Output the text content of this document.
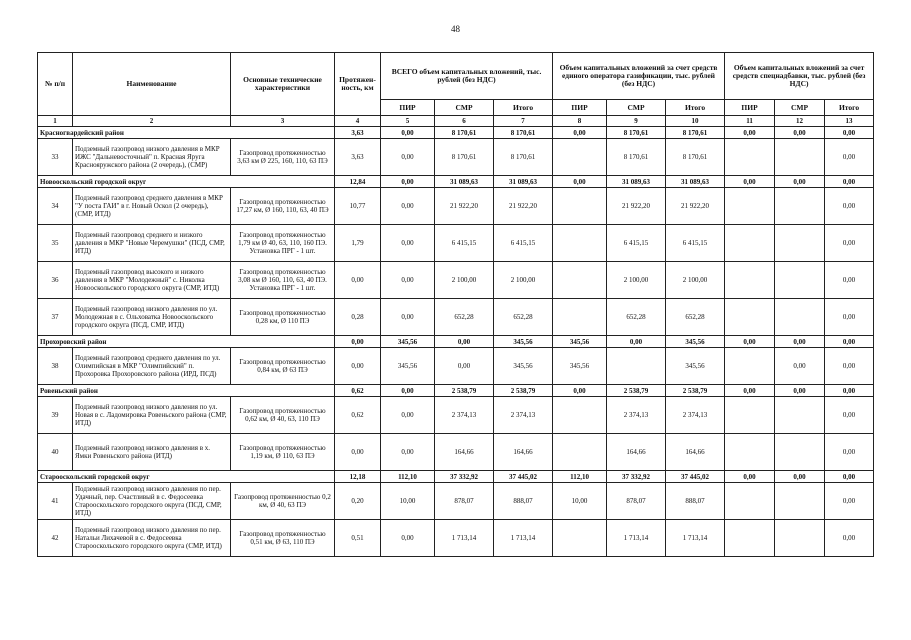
48
№ п/п	Наименование	Основные технические характеристики	Протяжен-ность, км	ВСЕГО объем капитальных вложений, тыс. рублей (без НДС)			Объем капитальных вложений за счет средств единого оператора газификации, тыс. рублей (без НДС)			Объем капитальных вложений за счет средств спецнадбавки, тыс. рублей (без НДС)		
				ПИР	СМР	Итого	ПИР	СМР	Итого	ПИР	СМР	Итого
1	2	3	4	5	6	7	8	9	10	11	12	13
Красногвардейский район			3,63	0,00	8 170,61	8 170,61	0,00	8 170,61	8 170,61	0,00	0,00	0,00
33	Подземный газопровод низкого давления в МКР ИЖС "Дальневосточный" п. Красная Яруга Краснояружского района (2 очередь), (СМР)	Газопровод протяженностью 3,63 км Ø 225, 160, 110, 63 ПЭ	3,63	0,00	8 170,61	8 170,61		8 170,61	8 170,61			0,00
Новооскольский городской округ			12,84	0,00	31 089,63	31 089,63	0,00	31 089,63	31 089,63	0,00	0,00	0,00
34	Подземный газопровод среднего давления в МКР "У поста ГАИ" в г. Новый Оскол (2 очередь), (СМР, ИТД)	Газопровод протяженностью 17,27 км, Ø 160, 110, 63, 40 ПЭ	10,77	0,00	21 922,20	21 922,20		21 922,20	21 922,20			0,00
35	Подземный газопровод среднего и низкого давления в МКР "Новые Черемушки" (ПСД, СМР, ИТД)	Газопровод протяженностью 1,79 км Ø 40, 63, 110, 160 ПЭ. Установка ПРГ - 1 шт.	1,79	0,00	6 415,15	6 415,15		6 415,15	6 415,15			0,00
36	Подземный газопровод высокого и низкого давления в МКР "Молодежный" с. Николка Новооскольского городского округа (СМР, ИТД)	Газопровод протяженностью 3,08 км Ø 160, 110, 63, 40 ПЭ. Установка ПРГ - 1 шт.	0,00	0,00	2 100,00	2 100,00		2 100,00	2 100,00			0,00
37	Подземный газопровод низкого давления по ул. Молодежная в с. Ольховатка Новооскольского городского округа (ПСД, СМР, ИТД)	Газопровод протяженностью 0,28 км, Ø 110 ПЭ	0,28	0,00	652,28	652,28		652,28	652,28			0,00
Прохоровский район			0,00	345,56	0,00	345,56	345,56	0,00	345,56	0,00	0,00	0,00
38	Подземный газопровод среднего давления по ул. Олимпийская в МКР "Олимпийский" п. Прохоровка Прохоровского района (ИРД, ПСД)	Газопровод протяженностью 0,84 км, Ø 63 ПЭ	0,00	345,56	0,00	345,56	345,56		345,56		0,00	0,00
Ровеньский район			0,62	0,00	2 538,79	2 538,79	0,00	2 538,79	2 538,79	0,00	0,00	0,00
39	Подземный газопровод низкого давления по ул. Новая в с. Ладомировка Ровеньского района (СМР, ИТД)	Газопровод протяженностью 0,62 км, Ø 40, 63, 110 ПЭ	0,62	0,00	2 374,13	2 374,13		2 374,13	2 374,13			0,00
40	Подземный газопровод низкого давления в х. Ямки Ровеньского района (ИТД)	Газопровод протяженностью 1,19 км, Ø 110, 63 ПЭ	0,00	0,00	164,66	164,66		164,66	164,66			0,00
Старооскольский городской округ			12,18	112,10	37 332,92	37 445,02	112,10	37 332,92	37 445,02	0,00	0,00	0,00
41	Подземный газопровод низкого давления по пер. Удачный, пер. Счастливый в с. Федосеевка Старооскольского городского округа (ПСД, СМР, ИТД)	Газопровод протяженностью 0,2 км, Ø 40, 63 ПЭ	0,20	10,00	878,07	888,07	10,00	878,07	888,07			0,00
42	Подземный газопровод низкого давления по пер. Натальи Лихачевой в с. Федосеевка Старооскольского городского округа (СМР, ИТД)	Газопровод протяженностью 0,51 км, Ø 63, 110 ПЭ	0,51	0,00	1 713,14	1 713,14		1 713,14	1 713,14			0,00
